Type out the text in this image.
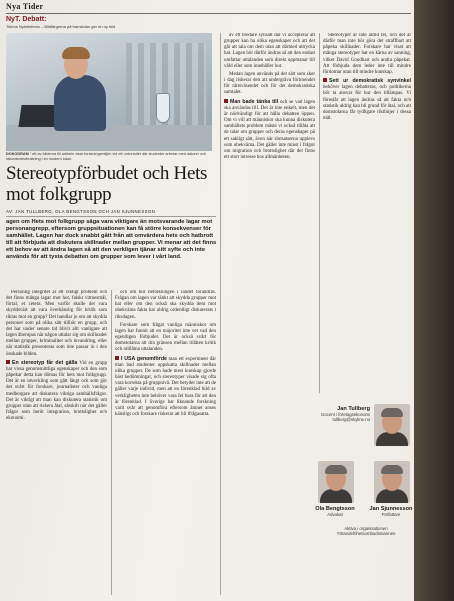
Nya Tider
NyT. Debatt:
Tidens Nyhetsfenix – Bildfärgerna på framsidan ger en ny bild
DOKODRAM " ett av bilderna till artikeln visar forskningsmiljön vid ett universitet där studenter arbetar med datorer och laboratorieutrustning i en modern lokal.
Stereotypförbudet och Hets mot folkgrupp
AV: JAN TULLBERG, OLA BENGTSSON OCH JAN SJUNNESSON
agen om Hets mot folkgrupp säga vara viktigare än motsvarande lagar mot personangrepp, eftersom gruppsituationen kan få större konsekvenser för samhället. Lagen har dock snabbt gått från att omvärdera hets och hatbrott till att förbjuda att diskutera skillnader mellan grupper. Vi menar att det finns ett behov av att ändra lagen så att den verkligen tjänar sitt syfte och inte används för att tysta debatten om grupper som lever i vårt land.

Personlig integritet är ett viktigt problem och det finns många lagar mot hot, falskt vittnesmål, förtal, et cetera. Men varför skulle det vara skyddsvärt att vara överkänslig för kritik som riktas mot en grupp? Det handlar ju om att skydda personer som på olika sätt tillhör en grupp, och det har under senare tid blivit allt vanligare att lagen åberopas när någon uttalar sig om skillnader mellan grupper, kriminalitet och invandring, eller när statistik presenteras som inte passar in i den önskade bilden.

En stereotyp får det gälla Vid en grupp har vissa genomsnittliga egenskaper och den som påpekar detta kan dömas för hets mot folkgrupp. Det är en utveckling som gått långt och som gör det svårt för forskare, journalister och vanliga medborgare att diskutera viktiga samhällsfrågor. Det är viktigt att man kan diskutera statistik om grupper utan att riskera åtal, särskilt när det gäller frågor som berör integration, brottslighet och ekonomi.

och om hur befolkningen i landet förändras. Frågan om lagen var tänkt att skydda grupper mot hat eller om den också ska skydda dem mot obekväma fakta har aldrig ordentligt diskuterats i riksdagen.

Forskare som frågat vanliga människor om lagen har funnit att en majoritet inte vet vad den egentligen förbjuder. Det är också svårt för domstolarna att dra gränsen mellan tillåten kritik och otillåtna uttalanden.

I USA genomförde man ett experiment där man bad studenter uppskatta skillnader mellan olika grupper. De som hade mest kunskap gjorde bäst bedömningar, och stereotyper visade sig ofta vara korrekta på gruppnivå. Det betyder inte att de gäller varje individ, men att en förenklad bild av verkligheten inte behöver vara fel bara för att den är förenklad. I Sverige har liknande forskning varit svår att genomföra eftersom ämnet anses känsligt och forskare riskerar att bli ifrågasatta.

av ett bredare synsätt där vi accepterar att grupper kan ha olika egenskaper och att det går att tala om dem utan att därmed uttrycka hat. Lagen bör därför ändras så att den endast omfattar uttalanden som direkt uppmanar till våld eller som innehåller hot.

Medan lagen används på det sätt som sker i dag riskerar den att undergräva förtroendet för rättsväsendet och för det demokratiska samtalet.

Man bade tänka till och se vad lagen ska användas till. Det är inte enkelt, men det är nödvändigt för att hålla debatten öppen. Om vi vill att människor ska kunna diskutera samhällets problem måste vi också tillåta att de talar om grupper och deras egenskaper på ett sakligt sätt, även när slutsatserna upplevs som obekväma. Det gäller inte minst i frågor om migration och brottslighet där det finns ett stort intresse hos allmänheten.

Stereotyper är inte alltid fel, och det är därför man inte bör göra det straffbart att påpeka skillnader. Forskare har visat att många stereotyper har en kärna av sanning, vilket David Goodhart och andra påpekat. Att förbjuda dem leder inte till mindre fördomar utan till mindre kunskap.

Sett ur demokratisk synvinkel behöver lagen debatteras, och politikerna bör ta ansvar för hur den tillämpas. Vi föreslår att lagen ändras så att fakta och statistik aldrig kan bli grund för åtal, och att domstolarna får tydligare riktlinjer i dessa mål.

Jan Tullberg
Docent i företagsekonomi
tullberg@skyline.nu
Ola Bengtsson
Advokat
Jan Sjunnesson
Författare
Aktiva i organisationen Yttrandefrihetsombudsmannen
